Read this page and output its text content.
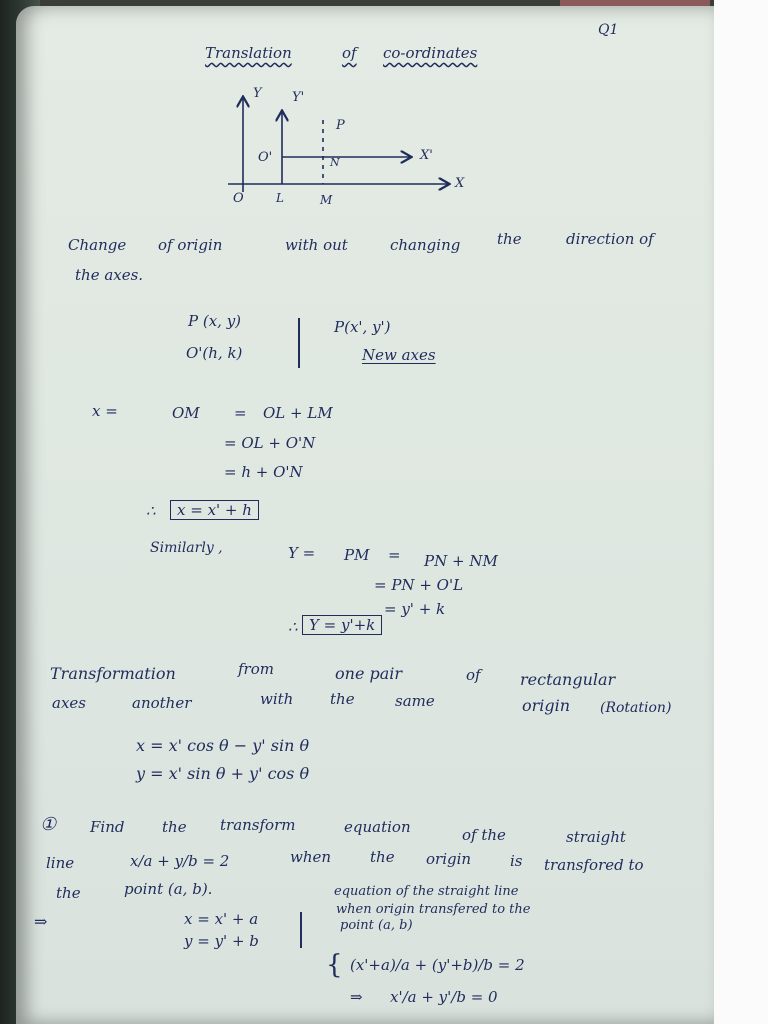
Q1
Translation	of co-ordinates
Y Y'
P
O'	N	X'
X
O	L	M
Change of origin	with out	changing the	direction of
the axes.
P (x, y)
O'(h, k)
P(x', y')
New axes
x =	OM = OL + LM
= OL + O'N
= h + O'N
∴	x = x' + h
Similarly ,	Y = PM = PN + NM
= PN + O'L
= y' + k
∴ Y = y'+k
Transformation	from	one pair	of rectangular
axes	another	with the	same	origin (Rotation)
x = x' cos θ − y' sin θ
y = x' sin θ + y' cos θ
① Find	the transform	equation	of the	straight
line	x/a + y/b = 2	when	the origin	is transfored to
the	point (a, b).
⇒	x = x' + a
y = y' + b
equation of the straight line
when origin transfered to the
point (a, b)
{ (x'+a)/a + (y'+b)/b = 2
⇒ x'/a + y'/b = 0
